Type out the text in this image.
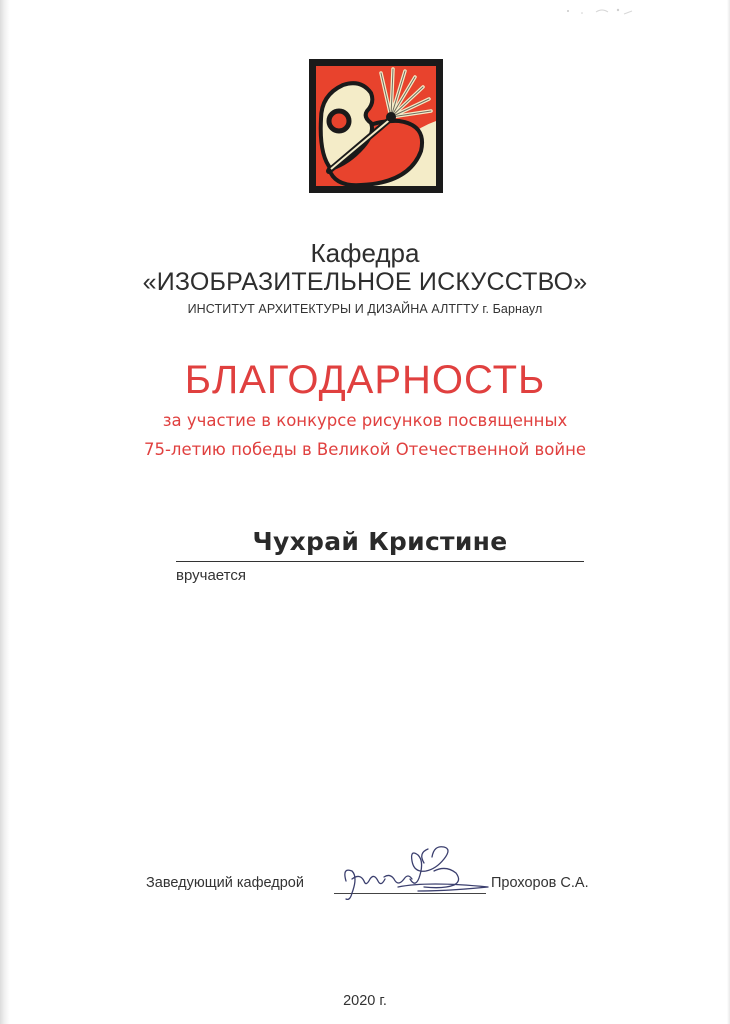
Кафедра
«ИЗОБРАЗИТЕЛЬНОЕ ИСКУССТВО»
ИНСТИТУТ АРХИТЕКТУРЫ И ДИЗАЙНА АЛТГТУ г. Барнаул
БЛАГОДАРНОСТЬ
за участие в конкурсе рисунков посвященных
75-летию победы в Великой Отечественной войне
Чухрай Кристине
вручается
Заведующий кафедрой	Прохоров С.А.
2020 г.
